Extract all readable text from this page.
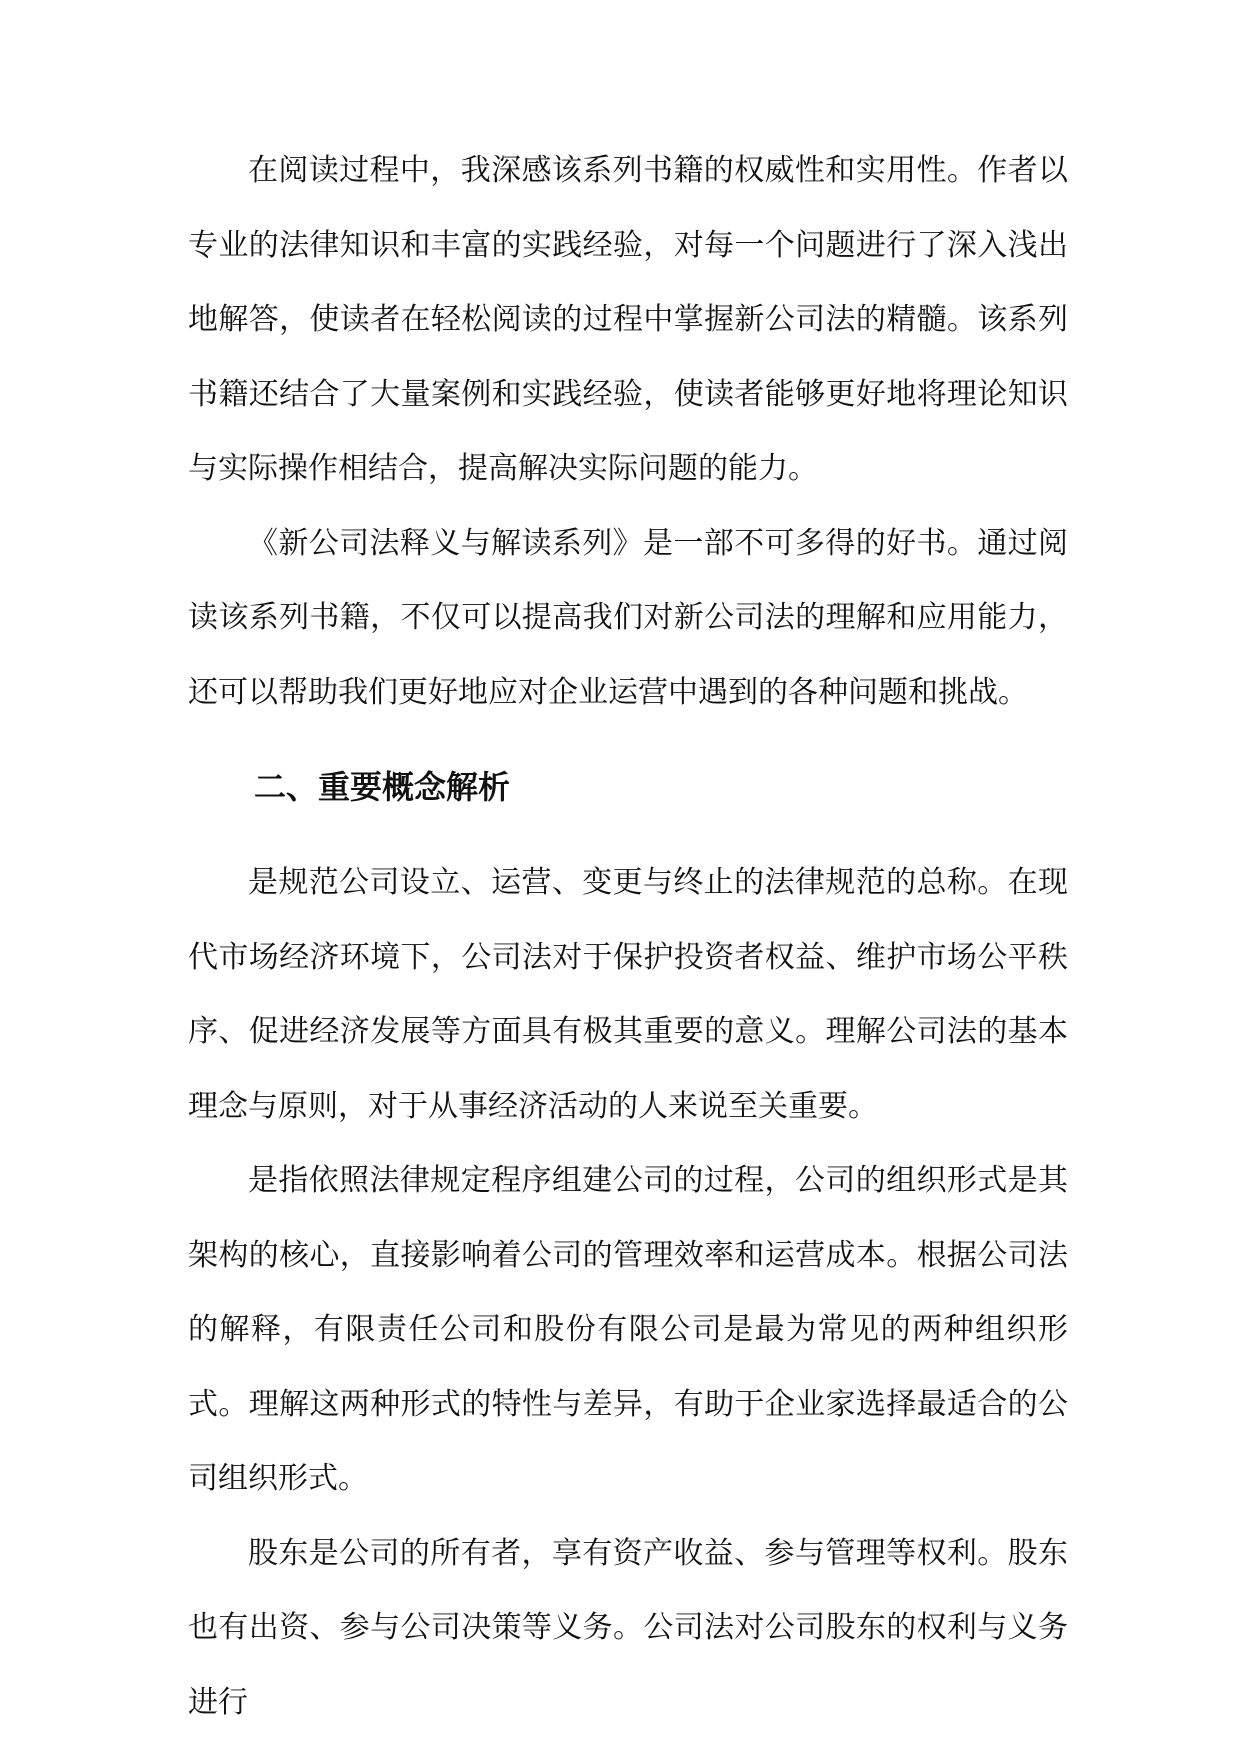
在阅读过程中，我深感该系列书籍的权威性和实用性。作者以专业的法律知识和丰富的实践经验，对每一个问题进行了深入浅出地解答，使读者在轻松阅读的过程中掌握新公司法的精髓。该系列书籍还结合了大量案例和实践经验，使读者能够更好地将理论知识与实际操作相结合，提高解决实际问题的能力。

《新公司法释义与解读系列》是一部不可多得的好书。通过阅读该系列书籍，不仅可以提高我们对新公司法的理解和应用能力，还可以帮助我们更好地应对企业运营中遇到的各种问题和挑战。

二、重要概念解析

是规范公司设立、运营、变更与终止的法律规范的总称。在现代市场经济环境下，公司法对于保护投资者权益、维护市场公平秩序、促进经济发展等方面具有极其重要的意义。理解公司法的基本理念与原则，对于从事经济活动的人来说至关重要。

是指依照法律规定程序组建公司的过程，公司的组织形式是其架构的核心，直接影响着公司的管理效率和运营成本。根据公司法的解释，有限责任公司和股份有限公司是最为常见的两种组织形式。理解这两种形式的特性与差异，有助于企业家选择最适合的公司组织形式。

股东是公司的所有者，享有资产收益、参与管理等权利。股东也有出资、参与公司决策等义务。公司法对公司股东的权利与义务进行
